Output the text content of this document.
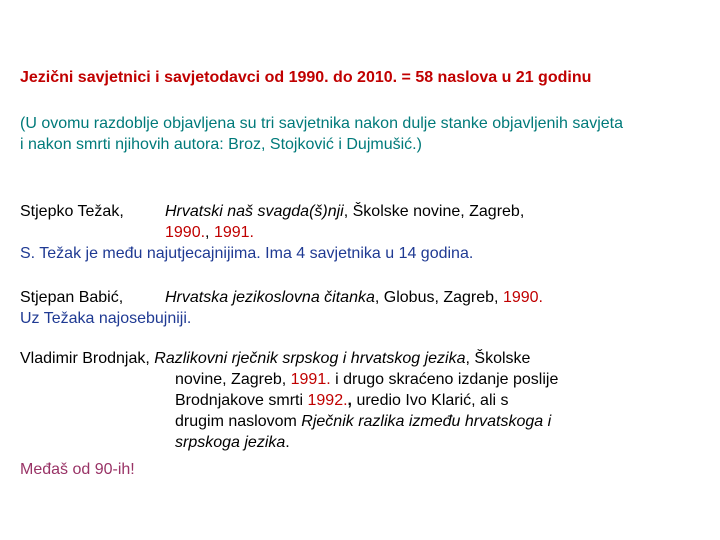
Jezični savjetnici i savjetodavci od 1990. do 2010. = 58 naslova u 21 godinu
(U ovomu razdoblje objavljena su tri savjetnika nakon dulje stanke objavljenih savjeta
i nakon smrti njihovih autora: Broz, Stojković i Dujmušić.)
Stjepko Težak,	Hrvatski naš svagda(š)nji, Školske novine, Zagreb,
1990., 1991.
S. Težak je među najutjecajnijima. Ima 4 savjetnika u 14 godina.
Stjepan Babić,	Hrvatska jezikoslovna čitanka, Globus, Zagreb, 1990.
Uz Težaka najosebujniji.
Vladimir Brodnjak, Razlikovni rječnik srpskog i hrvatskog jezika, Školske
novine, Zagreb, 1991. i drugo skraćeno izdanje poslije
Brodnjakove smrti 1992., uredio Ivo Klarić, ali s
drugim naslovom Rječnik razlika između hrvatskoga i
srpskoga jezika.
Međaš od 90-ih!
